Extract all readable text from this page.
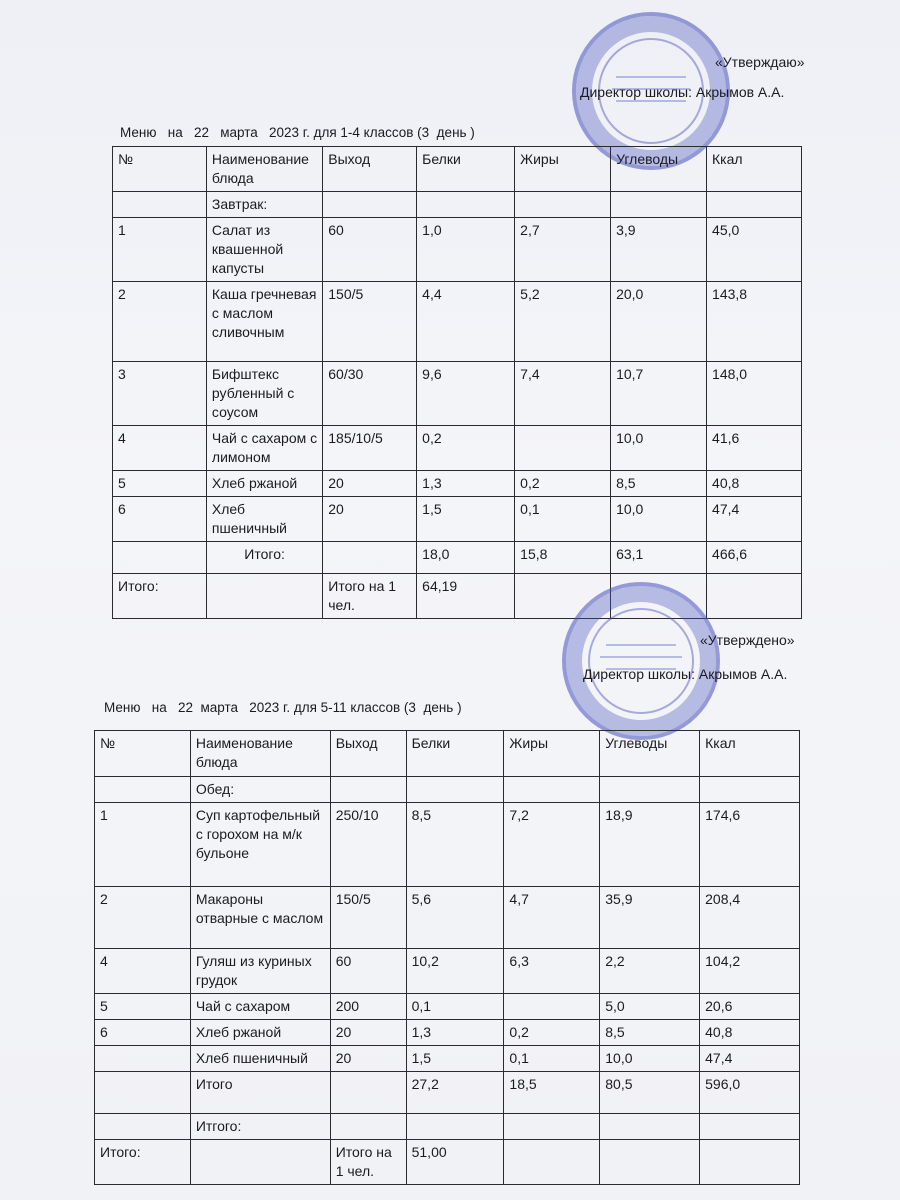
«Утверждаю»
Директор школы: Акрымов А.А.
Меню   на   22   марта   2023 г. для 1-4 классов (3  день )
№	Наименование блюда	Выход	Белки	Жиры	Углеводы	Ккал
	Завтрак:					
1	Салат из квашенной капусты	60	1,0	2,7	3,9	45,0
2	Каша гречневая с маслом сливочным	150/5	4,4	5,2	20,0	143,8
3	Бифштекс рубленный с соусом	60/30	9,6	7,4	10,7	148,0
4	Чай с сахаром с лимоном	185/10/5	0,2		10,0	41,6
5	Хлеб ржаной	20	1,3	0,2	8,5	40,8
6	Хлеб пшеничный	20	1,5	0,1	10,0	47,4
	Итого:		18,0	15,8	63,1	466,6
Итого:		Итого на 1 чел.	64,19			
«Утверждено»
Директор школы: Акрымов А.А.
Меню   на   22  марта   2023 г. для 5-11 классов (3  день )
№	Наименование блюда	Выход	Белки	Жиры	Углеводы	Ккал
	Обед:					
1	Суп картофельный с горохом на м/к бульоне	250/10	8,5	7,2	18,9	174,6
2	Макароны отварные с маслом	150/5	5,6	4,7	35,9	208,4
4	Гуляш из куриных грудок	60	10,2	6,3	2,2	104,2
5	Чай с сахаром	200	0,1		5,0	20,6
6	Хлеб ржаной	20	1,3	0,2	8,5	40,8
	Хлеб пшеничный	20	1,5	0,1	10,0	47,4
	Итого		27,2	18,5	80,5	596,0
	Итгого:					
Итого:		Итого на 1 чел.	51,00			
